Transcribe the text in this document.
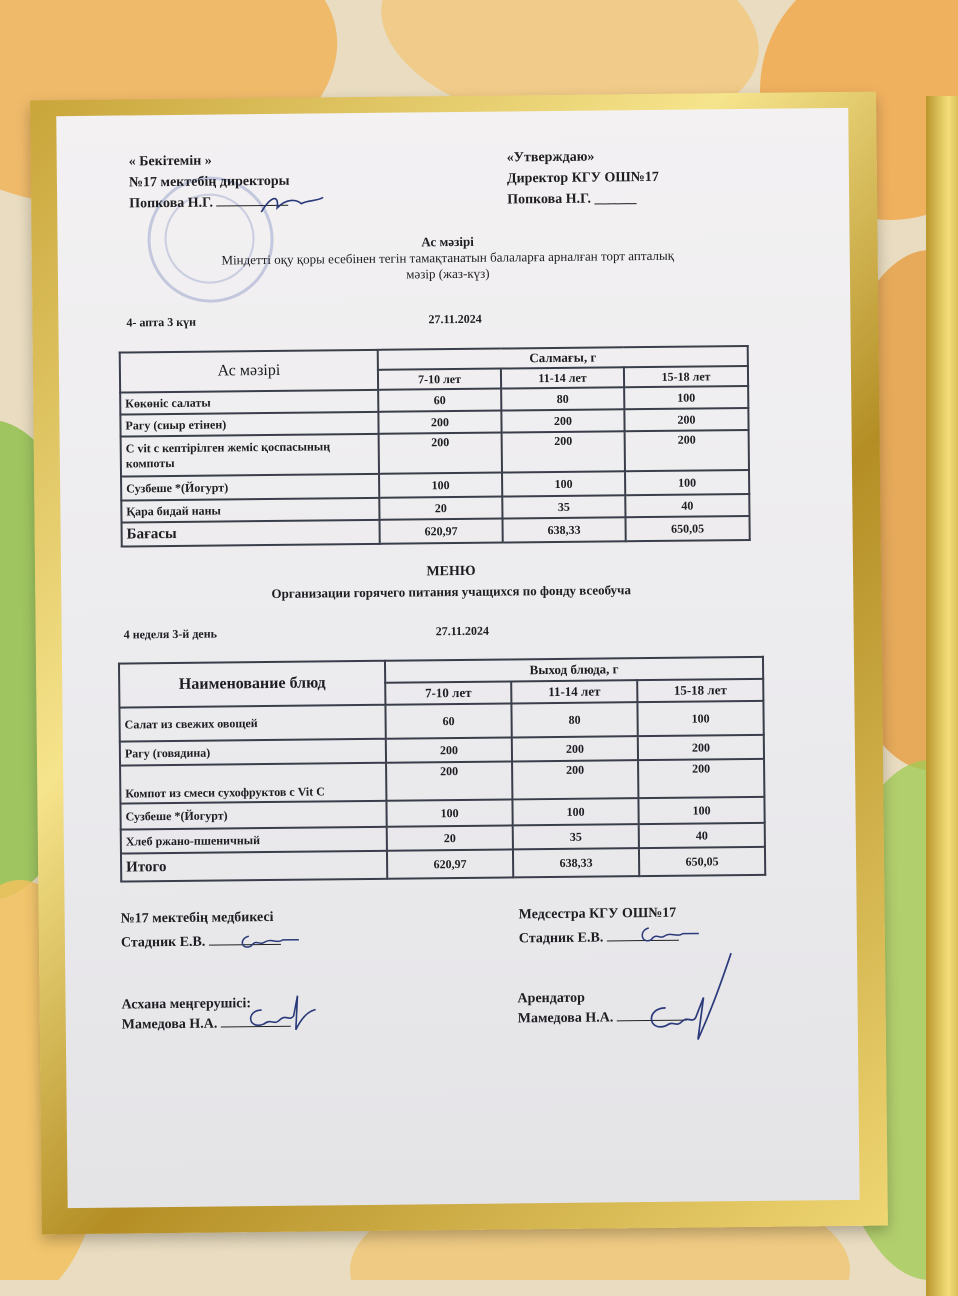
« Бекітемін »
№17 мектебің директоры
Попкова Н.Г.
«Утверждаю»
Директор КГУ ОШ№17
Попкова Н.Г. ______
Ас мәзірі
Міндетті оқу қоры есебінен тегін тамақтанатын балаларға арналған торт апталық
мәзір (жаз-күз)
4- апта 3 күн	27.11.2024
Ас мәзірі	Салмағы, г		
	7-10 лет	11-14 лет	15-18 лет
Көкөніс салаты	60	80	100
Рагу (сиыр етінен)	200	200	200
С vit с кептірілген жеміс қоспасының компоты	200	200	200
Сузбеше *(Йогурт)	100	100	100
Қара бидай наны	20	35	40
Бағасы	620,97	638,33	650,05
МЕНЮ
Организации горячего питания учащихся по фонду всеобуча
4 неделя 3-й день	27.11.2024
Наименование блюд	Выход блюда, г		
	7-10 лет	11-14 лет	15-18 лет
Салат из свежих овощей	60	80	100
Рагу (говядина)	200	200	200
Компот из смеси сухофруктов с Vit C	200	200	200
Сузбеше *(Йогурт)	100	100	100
Хлеб ржано-пшеничный	20	35	40
Итого	620,97	638,33	650,05
№17 мектебің медбикесі
Стадник Е.В.
Медсестра КГУ ОШ№17
Стадник Е.В.
Асхана меңгерушісі:
Мамедова Н.А.
Арендатор
Мамедова Н.А.
